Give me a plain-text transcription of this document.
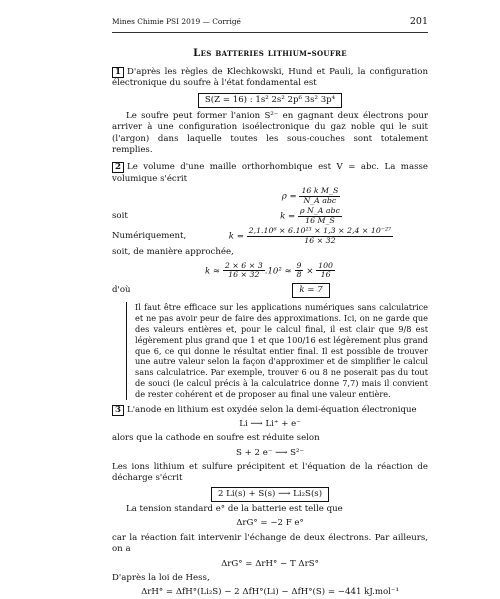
Mines Chimie PSI 2019 — Corrigé	201
Les batteries lithium-soufre

1 D'après les règles de Klechkowski, Hund et Pauli, la configuration électronique du soufre à l'état fondamental est

S(Z = 16) : 1s² 2s² 2p⁶ 3s² 3p⁴

Le soufre peut former l'anion S²⁻ en gagnant deux électrons pour arriver à une configuration isoélectronique du gaz noble qui le suit (l'argon) dans laquelle toutes les sous-couches sont totalement remplies.

2 Le volume d'une maille orthorhombique est V = abc. La masse volumique s'écrit

$\rho = \frac{\text{16 k M\_S}}{\text{N\_A abc}}$
soit	$k = \frac{\text{ρ N\_A abc}}{16 M\_S}$
Numériquement,	$k = \frac{\text{2,1.10⁶ × 6.10²³ × 1,3 × 2,4 × 10⁻²⁷}}{16 \times 32}$

soit, de manière approchée,

$k \approx \frac{2 \times 6 \times 3}{16 \times 32} .10^2 \approx \frac{9}{8} \times \frac{100}{16}$
d'où	k = 7
Il faut être efficace sur les applications numériques sans calculatrice et ne pas avoir peur de faire des approximations. Ici, on ne garde que des valeurs entières et, pour le calcul final, il est clair que 9/8 est légèrement plus grand que 1 et que 100/16 est légèrement plus grand que 6, ce qui donne le résultat entier final. Il est possible de trouver une autre valeur selon la façon d'approximer et de simplifier le calcul sans calculatrice. Par exemple, trouver 6 ou 8 ne poserait pas du tout de souci (le calcul précis à la calculatrice donne 7,7) mais il convient de rester cohérent et de proposer au final une valeur entière.

3 L'anode en lithium est oxydée selon la demi-équation électronique

Li ⟶ Li⁺ + e⁻

alors que la cathode en soufre est réduite selon

S + 2 e⁻ ⟶ S²⁻

Les ions lithium et sulfure précipitent et l'équation de la réaction de décharge s'écrit

2 Li(s) + S(s) ⟶ Li₂S(s)

La tension standard e° de la batterie est telle que

ΔrG° = −2 F e°

car la réaction fait intervenir l'échange de deux électrons. Par ailleurs, on a

ΔrG° = ΔrH° − T ΔrS°

D'après la loi de Hess,

ΔrH° = ΔfH°(Li₂S) − 2 ΔfH°(Li) − ΔfH°(S) = −441 kJ.mol⁻¹
